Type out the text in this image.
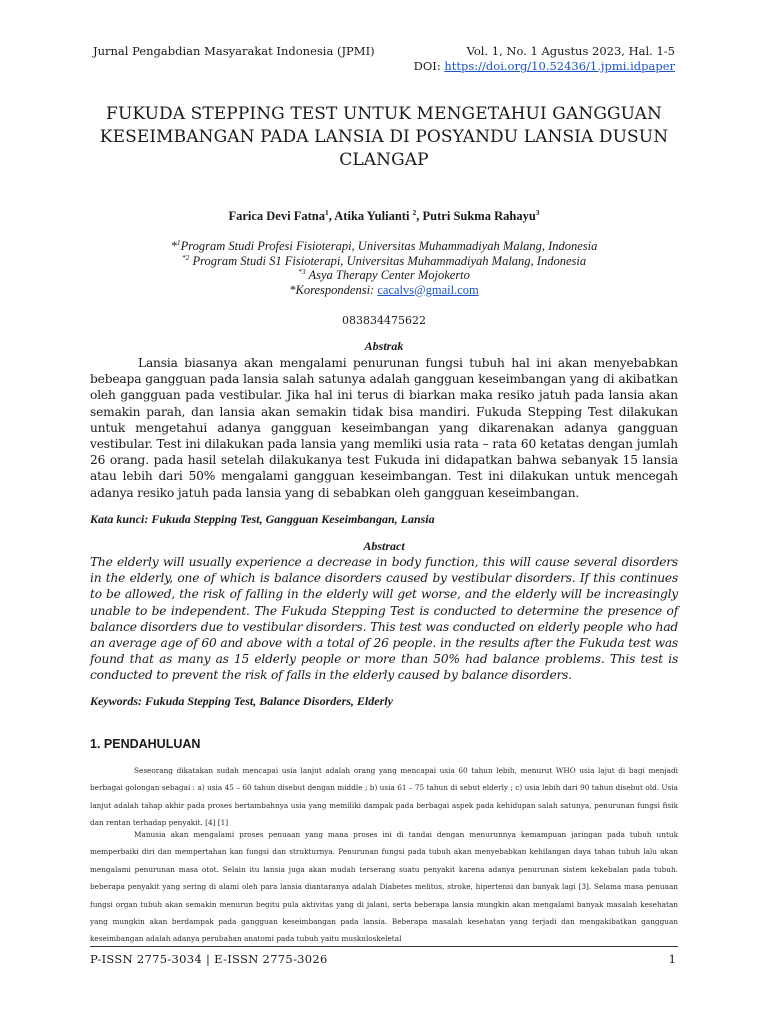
Jurnal Pengabdian Masyarakat Indonesia (JPMI)	Vol. 1, No. 1 Agustus 2023, Hal. 1-5
DOI: https://doi.org/10.52436/1.jpmi.idpaper
FUKUDA STEPPING TEST UNTUK MENGETAHUI GANGGUAN KESEIMBANGAN PADA LANSIA DI POSYANDU LANSIA DUSUN CLANGAP
Farica Devi Fatna$^1$, Atika Yulianti $^2$, Putri Sukma Rahayu$^3$
*$^1$Program Studi Profesi Fisioterapi, Universitas Muhammadiyah Malang, Indonesia
$^{*2}$ Program Studi S1 Fisioterapi, Universitas Muhammadiyah Malang, Indonesia
$^{*3}$ Asya Therapy Center Mojokerto
*Korespondensi: cacalvs@gmail.com
083834475622
Abstrak
Lansia biasanya akan mengalami penurunan fungsi tubuh hal ini akan menyebabkan bebeapa gangguan pada lansia salah satunya adalah gangguan keseimbangan yang di akibatkan oleh gangguan pada vestibular. Jika hal ini terus di biarkan maka resiko jatuh pada lansia akan semakin parah, dan lansia akan semakin tidak bisa mandiri. Fukuda Stepping Test dilakukan untuk mengetahui adanya gangguan keseimbangan yang dikarenakan adanya gangguan vestibular. Test ini dilakukan pada lansia yang memliki usia rata – rata 60 ketatas dengan jumlah 26 orang. pada hasil setelah dilakukanya test Fukuda ini didapatkan bahwa sebanyak 15 lansia atau lebih dari 50% mengalami gangguan keseimbangan. Test ini dilakukan untuk mencegah adanya resiko jatuh pada lansia yang di sebabkan oleh gangguan keseimbangan.
Kata kunci: Fukuda Stepping Test, Gangguan Keseimbangan, Lansia
Abstract
The elderly will usually experience a decrease in body function, this will cause several disorders in the elderly, one of which is balance disorders caused by vestibular disorders. If this continues to be allowed, the risk of falling in the elderly will get worse, and the elderly will be increasingly unable to be independent. The Fukuda Stepping Test is conducted to determine the presence of balance disorders due to vestibular disorders. This test was conducted on elderly people who had an average age of 60 and above with a total of 26 people. in the results after the Fukuda test was found that as many as 15 elderly people or more than 50% had balance problems. This test is conducted to prevent the risk of falls in the elderly caused by balance disorders.
Keywords: Fukuda Stepping Test, Balance Disorders, Elderly
1. PENDAHULUAN
Seseorang dikatakan sudah mencapai usia lanjut adalah orang yang mencapai usia 60 tahun lebih, menurut WHO usia lajut di bagi menjadi berbagai golongan sebagai : a) usia 45 – 60 tahun disebut dengan middle ; b) usia 61 – 75 tahun di sebut elderly ; c) usia lebih dari 90 tahun disebut old. Usia lanjut adalah tahap akhir pada proses bertambahnya usia yang memiliki dampak pada berbagai aspek pada kehidupan salah satunya, penurunan fungsi fisik dan rentan terhadap penyakit. [4] [1]
Manusia akan mengalami proses penuaan yang mana proses ini di tandai dengan menurunnya kemampuan jaringan pada tubuh untuk memperbaiki diri dan mempertahan kan fungsi dan strukturnya. Penurunan fungsi pada tubuh akan menyebabkan kehilangan daya tahan tubuh lalu akan mengalami penurunan masa otot. Selain itu lansia juga akan mudah terserang suatu penyakit karena adanya penurunan sistem kekebalan pada tubuh. beberapa penyakit yang sering di alami oleh para lansia diantaranya adalah Diabetes melitus, stroke, hipertensi dan banyak lagi [3]. Selama masa penuaan fungsi organ tubuh akan semakin menurun begitu pula aktivitas yang di jalani, serta beberapa lansia mungkin akan mengalami banyak masalah kesehatan yang mungkin akan berdampak pada gangguan keseimbangan pada lansia. Beberapa masalah kesehatan yang terjadi dan mengakibatkan gangguan keseimbangan adalah adanya perubahan anatomi pada tubuh yaitu muskuloskeletal
P-ISSN 2775-3034 | E-ISSN 2775-3026	1
